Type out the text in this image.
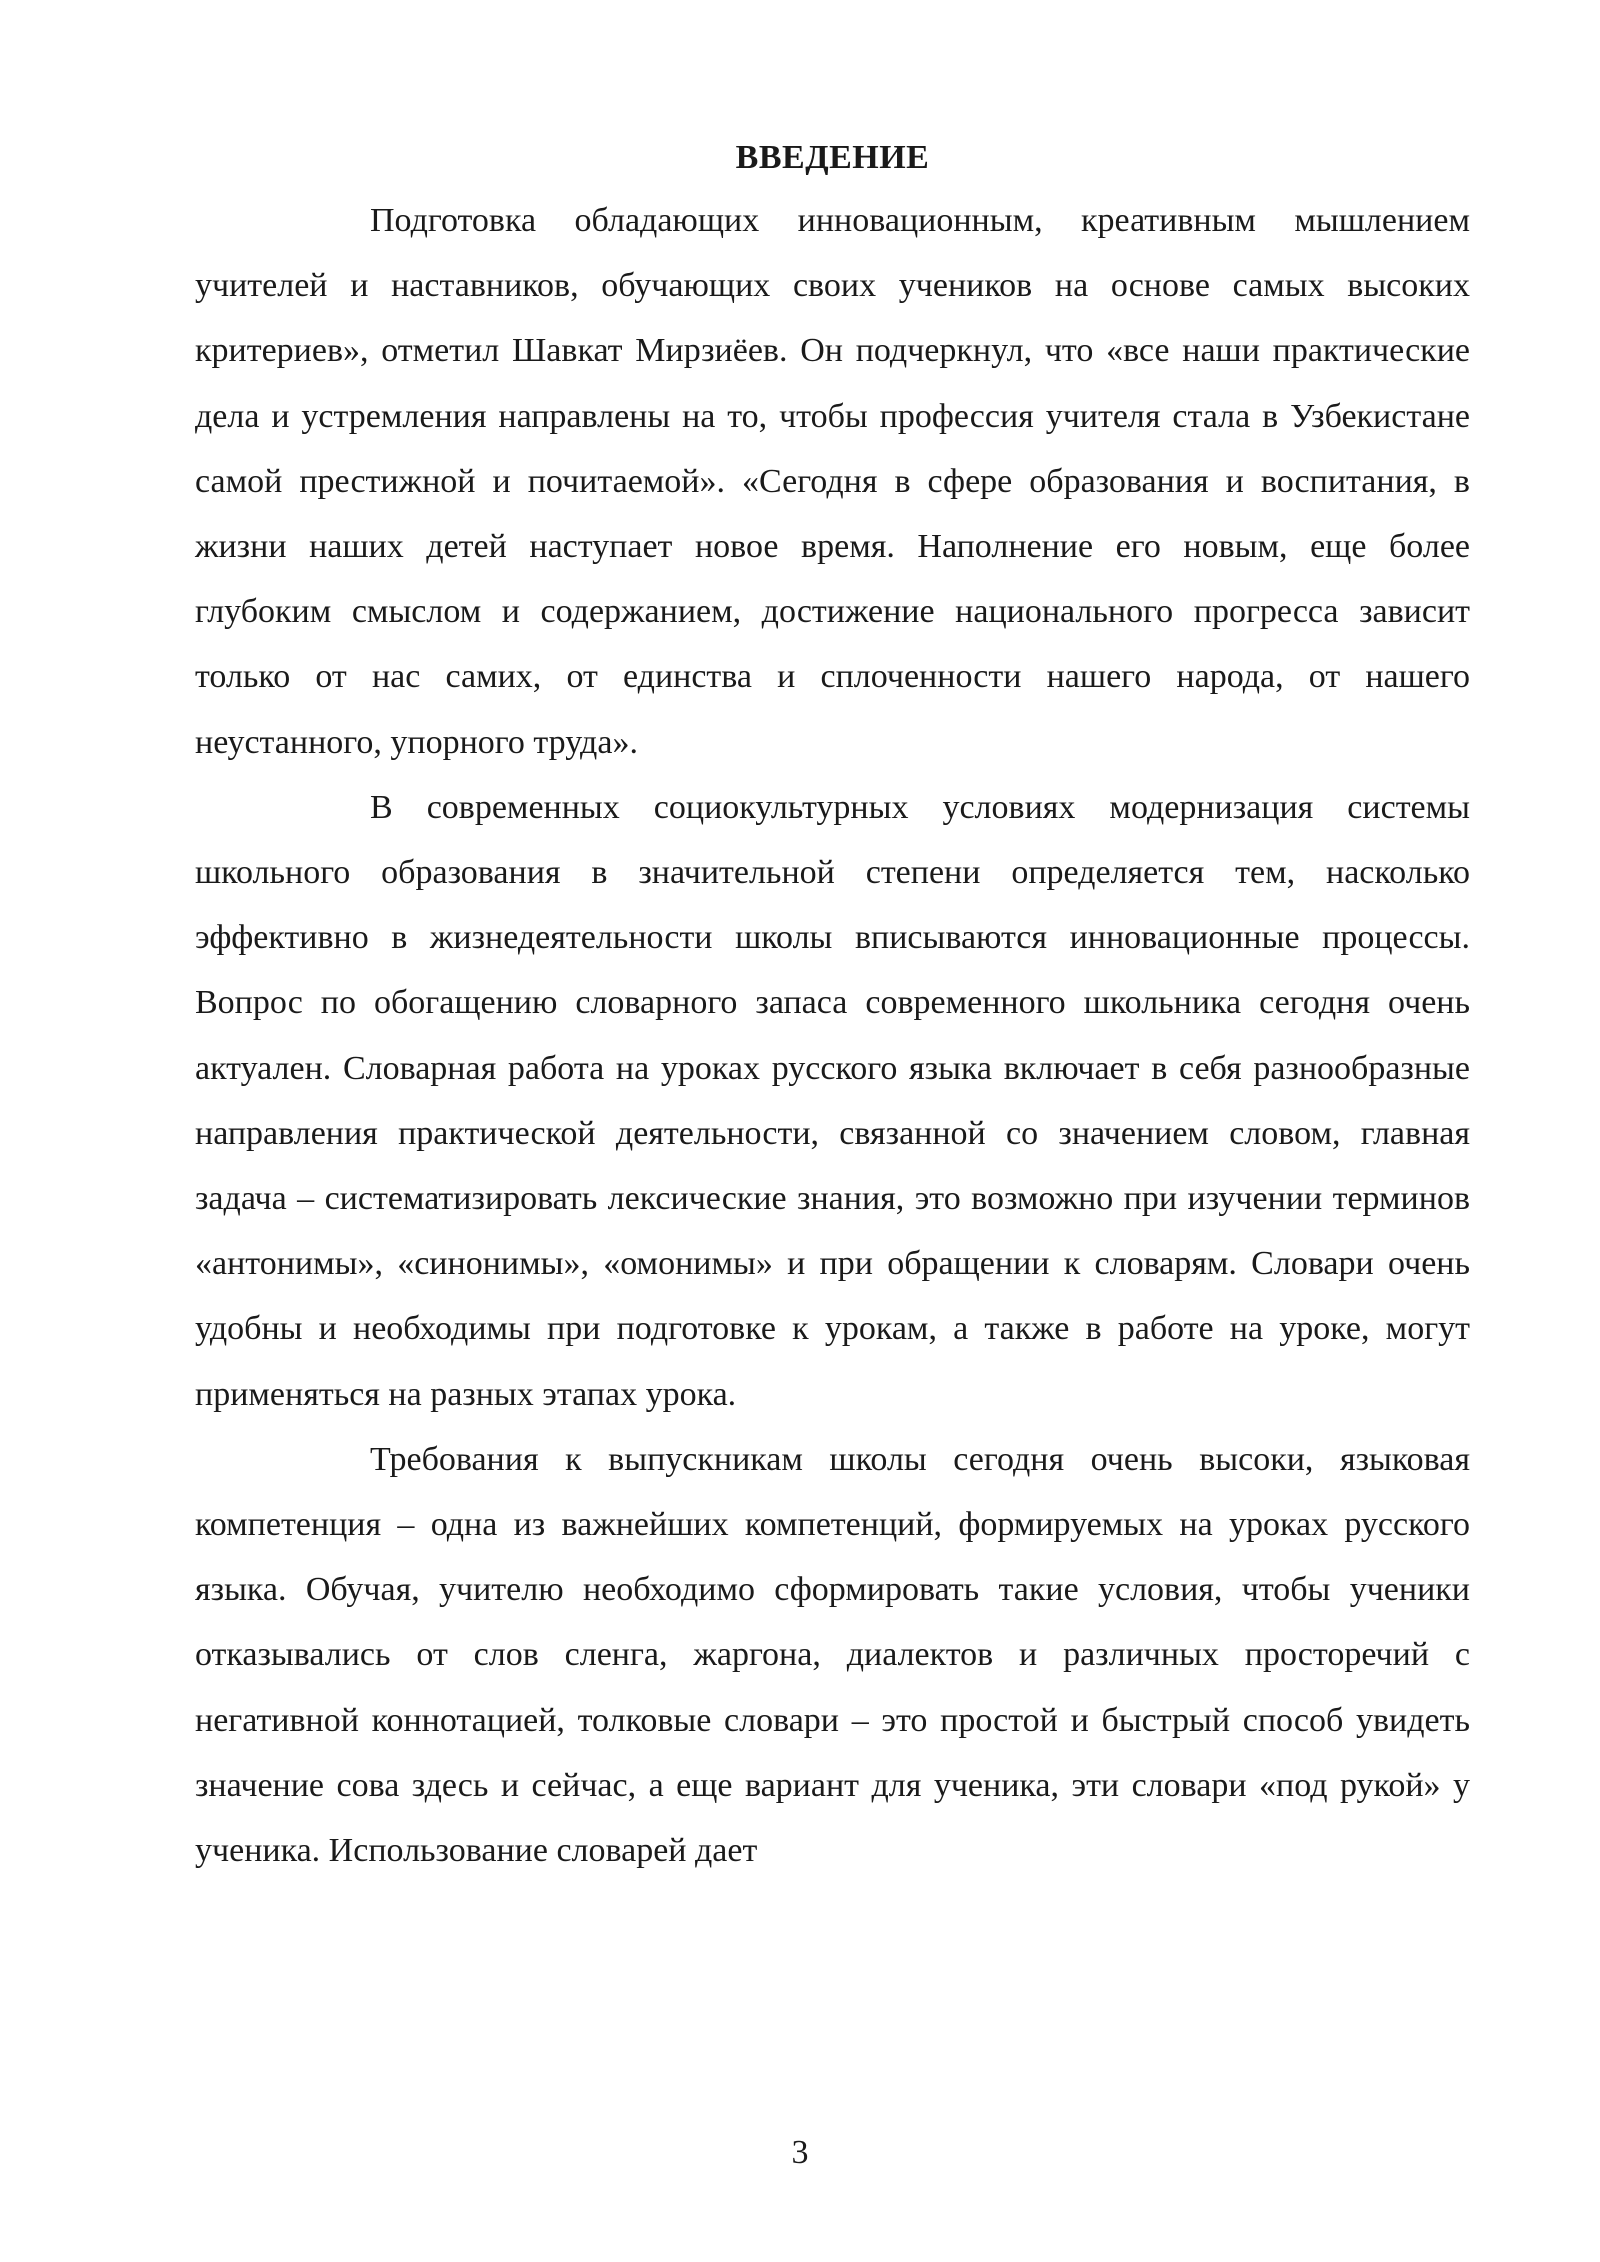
ВВЕДЕНИЕ

Подготовка обладающих инновационным, креативным мышлением учителей и наставников, обучающих своих учеников на основе самых высоких критериев», отметил Шавкат Мирзиёев. Он подчеркнул, что «все наши практические дела и устремления направлены на то, чтобы профессия учителя стала в Узбекистане самой престижной и почитаемой». «Сегодня в сфере образования и воспитания, в жизни наших детей наступает новое время. Наполнение его новым, еще более глубоким смыслом и содержанием, достижение национального прогресса зависит только от нас самих, от единства и сплоченности нашего народа, от нашего неустанного, упорного труда».

В современных социокультурных условиях модернизация системы школьного образования в значительной степени определяется тем, насколько эффективно в жизнедеятельности школы вписываются инновационные процессы. Вопрос по обогащению словарного запаса современного школьника сегодня очень актуален. Словарная работа на уроках русского языка включает в себя разнообразные направления практической деятельности, связанной со значением словом, главная задача – систематизировать лексические знания, это возможно при изучении терминов «антонимы», «синонимы», «омонимы» и при обращении к словарям. Словари очень удобны и необходимы при подготовке к урокам, а также в работе на уроке, могут применяться на разных этапах урока.

Требования к выпускникам школы сегодня очень высоки, языковая компетенция – одна из важнейших компетенций, формируемых на уроках русского языка. Обучая, учителю необходимо сформировать такие условия, чтобы ученики отказывались от слов сленга, жаргона, диалектов и различных просторечий с негативной коннотацией, толковые словари – это простой и быстрый способ увидеть значение сова здесь и сейчас, а еще вариант для ученика, эти словари «под рукой» у ученика. Использование словарей дает

3
